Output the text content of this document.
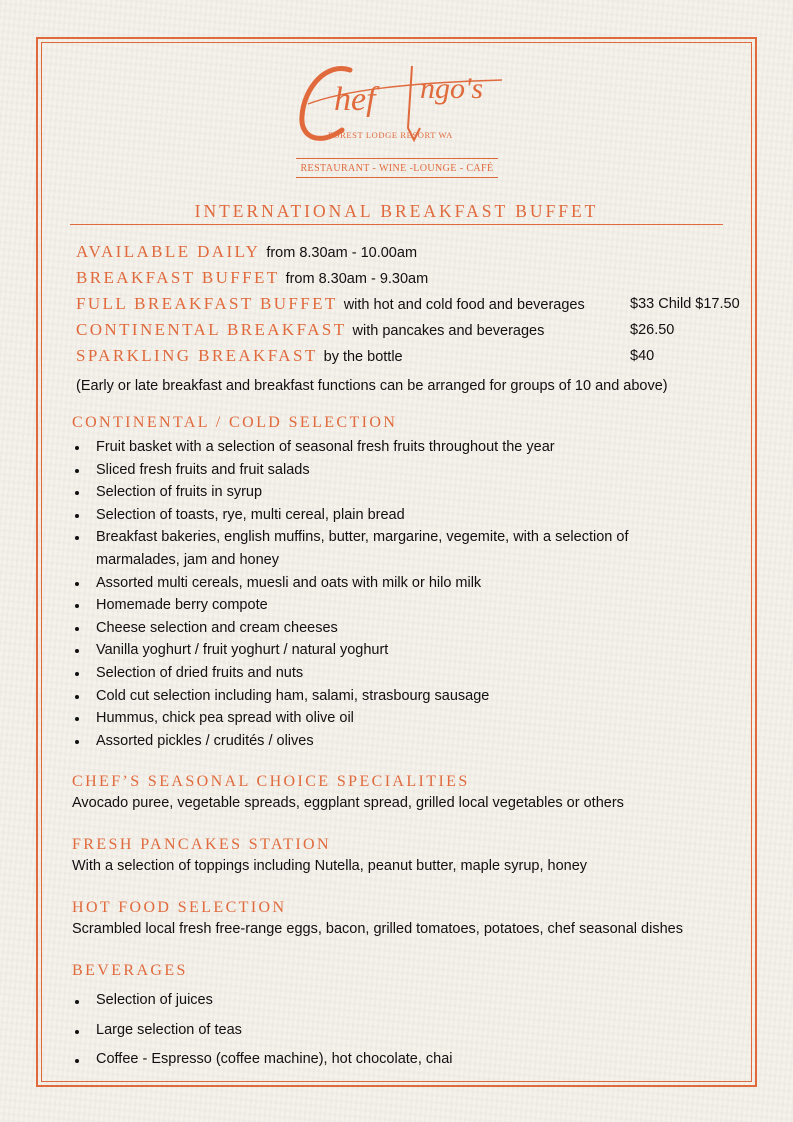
hef ngo's
FOREST LODGE RESORT WA
RESTAURANT - WINE -LOUNGE - CAFÉ
INTERNATIONAL BREAKFAST BUFFET
AVAILABLE DAILY from 8.30am - 10.00am
BREAKFAST BUFFET from 8.30am - 9.30am
FULL BREAKFAST BUFFET with hot and cold food and beverages	$33 Child $17.50
CONTINENTAL BREAKFAST with pancakes and beverages	$26.50
SPARKLING BREAKFAST by the bottle	$40
(Early or late breakfast and breakfast functions can be arranged for groups of 10 and above)
CONTINENTAL / COLD SELECTION
Fruit basket with a selection of seasonal fresh fruits throughout the year
Sliced fresh fruits and fruit salads
Selection of fruits in syrup
Selection of toasts, rye, multi cereal, plain bread
Breakfast bakeries, english muffins, butter, margarine, vegemite, with a selection of
marmalades, jam and honey
Assorted multi cereals, muesli and oats with milk or hilo milk
Homemade berry compote
Cheese selection and cream cheeses
Vanilla yoghurt / fruit yoghurt / natural yoghurt
Selection of dried fruits and nuts
Cold cut selection including ham, salami, strasbourg sausage
Hummus, chick pea spread with olive oil
Assorted pickles / crudités / olives
CHEF’S SEASONAL CHOICE SPECIALITIES
Avocado puree, vegetable spreads, eggplant spread, grilled local vegetables or others
FRESH PANCAKES STATION
With a selection of toppings including Nutella, peanut butter, maple syrup, honey
HOT FOOD SELECTION
Scrambled local fresh free-range eggs, bacon, grilled tomatoes, potatoes, chef seasonal dishes
BEVERAGES
Selection of juices
Large selection of teas
Coffee - Espresso (coffee machine), hot chocolate, chai
